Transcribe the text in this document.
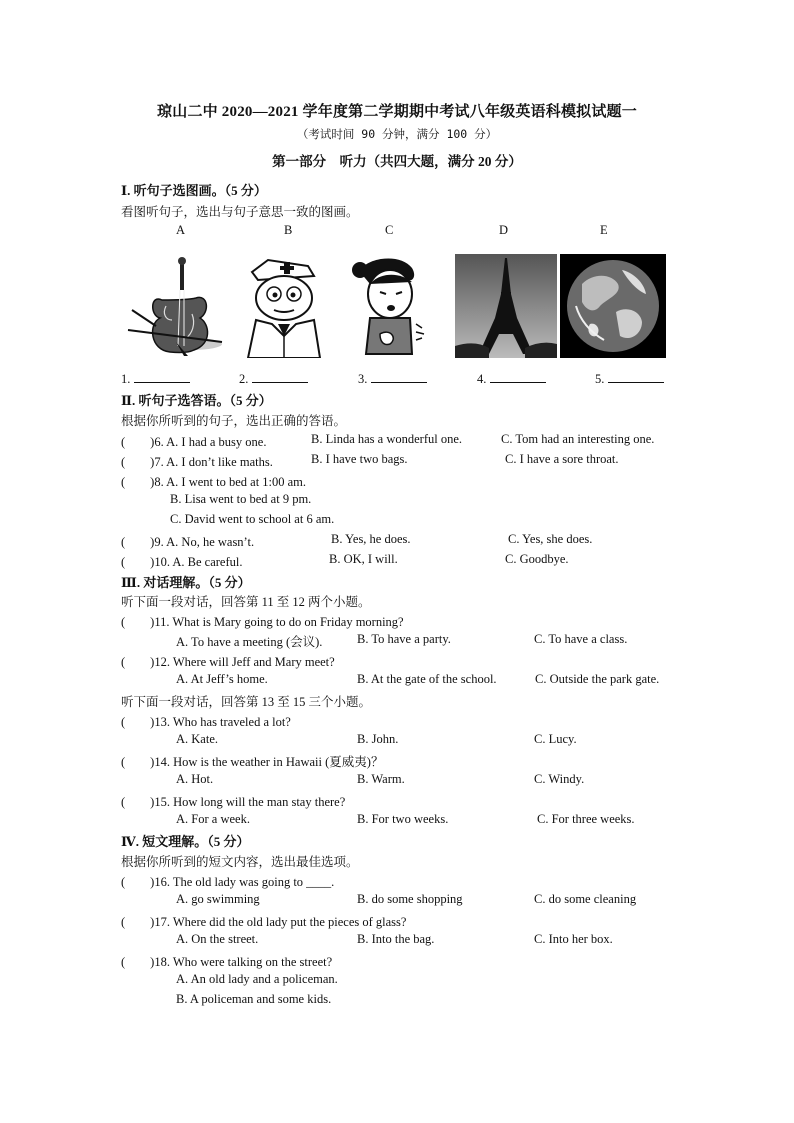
琼山二中 2020—2021 学年度第二学期期中考试八年级英语科模拟试题一
（考试时间 90 分钟，满分 100 分）
第一部分　听力（共四大题，满分 20 分）
Ⅰ. 听句子选图画。（5 分）
看图听句子，选出与句子意思一致的图画。
A	B	C	D	E
1.	2.	3.	4.	5.
Ⅱ. 听句子选答语。（5 分）
根据你所听到的句子，选出正确的答语。
(　　)6. A. I had a busy one.	B. Linda has a wonderful one.	C. Tom had an interesting one.
(　　)7. A. I don’t like maths.	B. I have two bags.	C. I have a sore throat.
(　　)8. A. I went to bed at 1:00 am.
B. Lisa went to bed at 9 pm.
C. David went to school at 6 am.
(　　)9. A. No, he wasn’t.	B. Yes, he does.	C. Yes, she does.
(　　)10. A. Be careful.	B. OK, I will.	C. Goodbye.
Ⅲ. 对话理解。（5 分）
听下面一段对话，回答第 11 至 12 两个小题。
(　　)11. What is Mary going to do on Friday morning?
A. To have a meeting (会议).	B. To have a party.	C. To have a class.
(　　)12. Where will Jeff and Mary meet?
A. At Jeff’s home.	B. At the gate of the school.	C. Outside the park gate.
听下面一段对话，回答第 13 至 15 三个小题。
(　　)13. Who has traveled a lot?
A. Kate.	B. John.	C. Lucy.
(　　)14. How is the weather in Hawaii (夏威夷)？
A. Hot.	B. Warm.	C. Windy.
(　　)15. How long will the man stay there?
A. For a week.	B. For two weeks.	C. For three weeks.
Ⅳ. 短文理解。（5 分）
根据你所听到的短文内容，选出最佳选项。
(　　)16. The old lady was going to ____.
A. go swimming	B. do some shopping	C. do some cleaning
(　　)17. Where did the old lady put the pieces of glass?
A. On the street.	B. Into the bag.	C. Into her box.
(　　)18. Who were talking on the street?
A. An old lady and a policeman.
B. A policeman and some kids.
